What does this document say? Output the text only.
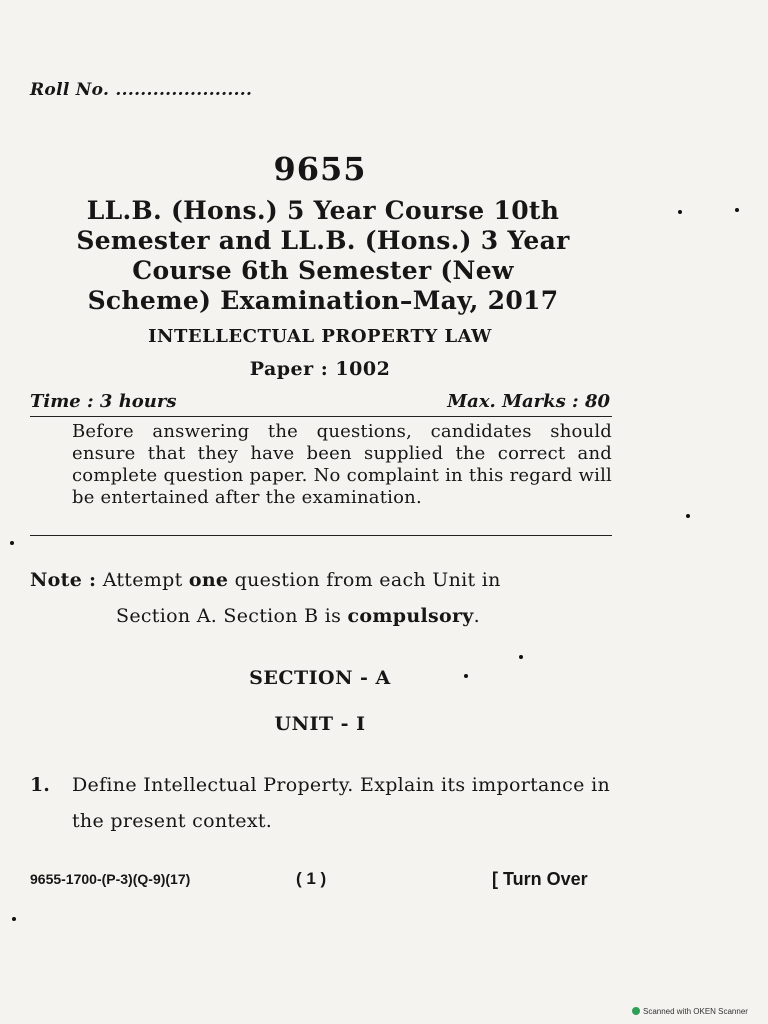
Roll No. ......................
9655
LL.B. (Hons.) 5 Year Course 10th
Semester and LL.B. (Hons.) 3 Year
Course 6th Semester (New
Scheme) Examination–May, 2017
INTELLECTUAL PROPERTY LAW
Paper : 1002
Time : 3 hours	Max. Marks : 80
Before answering the questions, candidates should ensure that they have been supplied the correct and complete question paper. No complaint in this regard will be entertained after the examination.
Note : Attempt one question from each Unit in
Section A. Section B is compulsory.
SECTION - A
UNIT - I
1. Define Intellectual Property. Explain its importance in the present context.
9655-1700-(P-3)(Q-9)(17)	( 1 )	[ Turn Over
Scanned with OKEN Scanner
